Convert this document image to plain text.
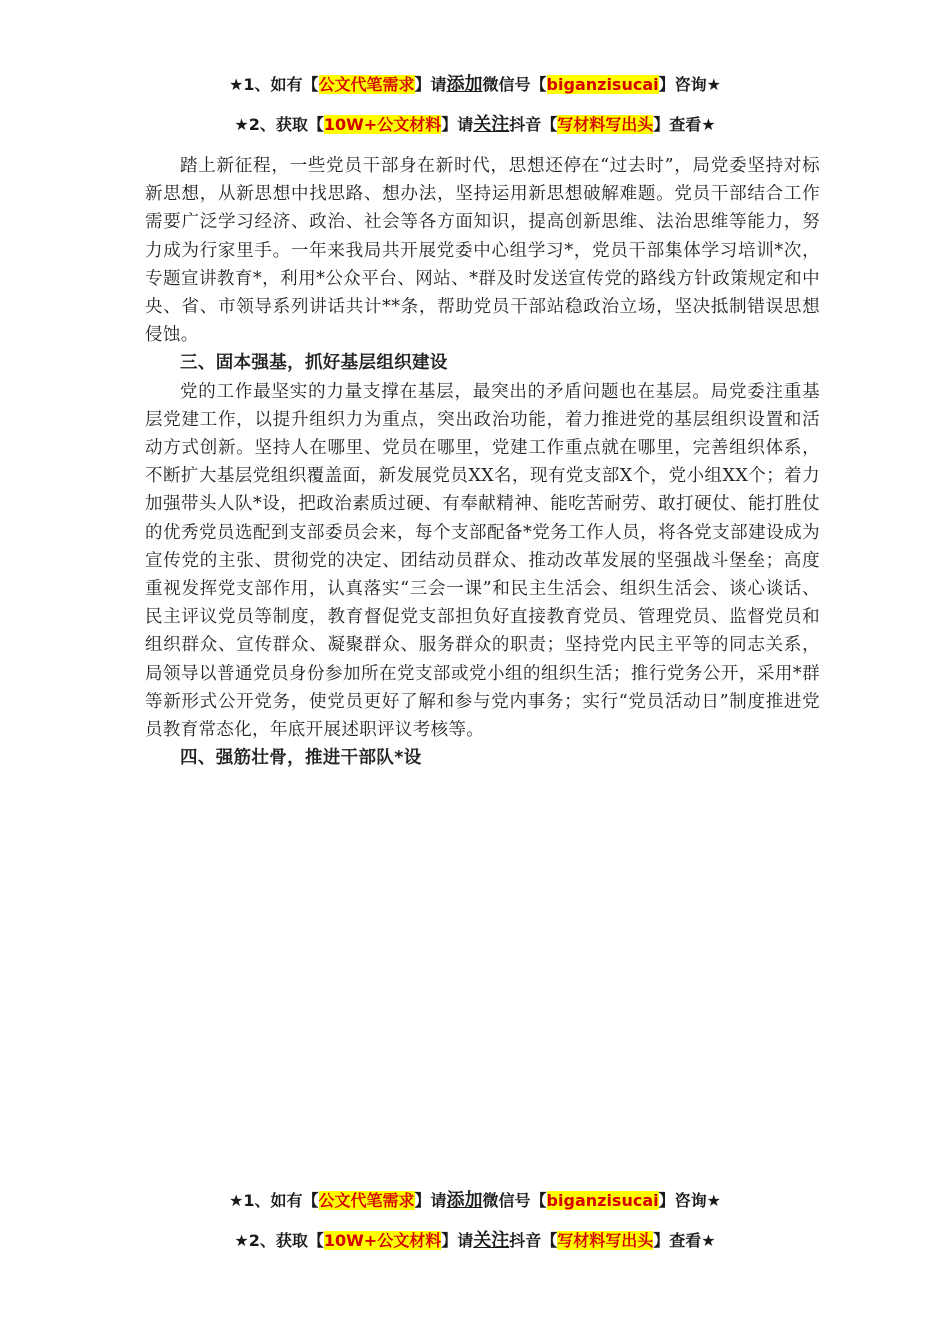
★1、如有【公文代笔需求】请添加微信号【biganzisucai】咨询★
★2、获取【10W+公文材料】请关注抖音【写材料写出头】查看★

踏上新征程，一些党员干部身在新时代，思想还停在“过去时”，局党委坚持对标新思想，从新思想中找思路、想办法，坚持运用新思想破解难题。党员干部结合工作需要广泛学习经济、政治、社会等各方面知识，提高创新思维、法治思维等能力，努力成为行家里手。一年来我局共开展党委中心组学习*，党员干部集体学习培训*次，专题宣讲教育*，利用*公众平台、网站、*群及时发送宣传党的路线方针政策规定和中央、省、市领导系列讲话共计**条，帮助党员干部站稳政治立场，坚决抵制错误思想侵蚀。

三、固本强基，抓好基层组织建设

党的工作最坚实的力量支撑在基层，最突出的矛盾问题也在基层。局党委注重基层党建工作，以提升组织力为重点，突出政治功能，着力推进党的基层组织设置和活动方式创新。坚持人在哪里、党员在哪里，党建工作重点就在哪里，完善组织体系，不断扩大基层党组织覆盖面，新发展党员XX名，现有党支部X个，党小组XX个；着力加强带头人队*设，把政治素质过硬、有奉献精神、能吃苦耐劳、敢打硬仗、能打胜仗的优秀党员选配到支部委员会来，每个支部配备*党务工作人员，将各党支部建设成为宣传党的主张、贯彻党的决定、团结动员群众、推动改革发展的坚强战斗堡垒；高度重视发挥党支部作用，认真落实“三会一课”和民主生活会、组织生活会、谈心谈话、民主评议党员等制度，教育督促党支部担负好直接教育党员、管理党员、监督党员和组织群众、宣传群众、凝聚群众、服务群众的职责；坚持党内民主平等的同志关系，局领导以普通党员身份参加所在党支部或党小组的组织生活；推行党务公开，采用*群等新形式公开党务，使党员更好了解和参与党内事务；实行“党员活动日”制度推进党员教育常态化，年底开展述职评议考核等。

四、强筋壮骨，推进干部队*设
★1、如有【公文代笔需求】请添加微信号【biganzisucai】咨询★
★2、获取【10W+公文材料】请关注抖音【写材料写出头】查看★
